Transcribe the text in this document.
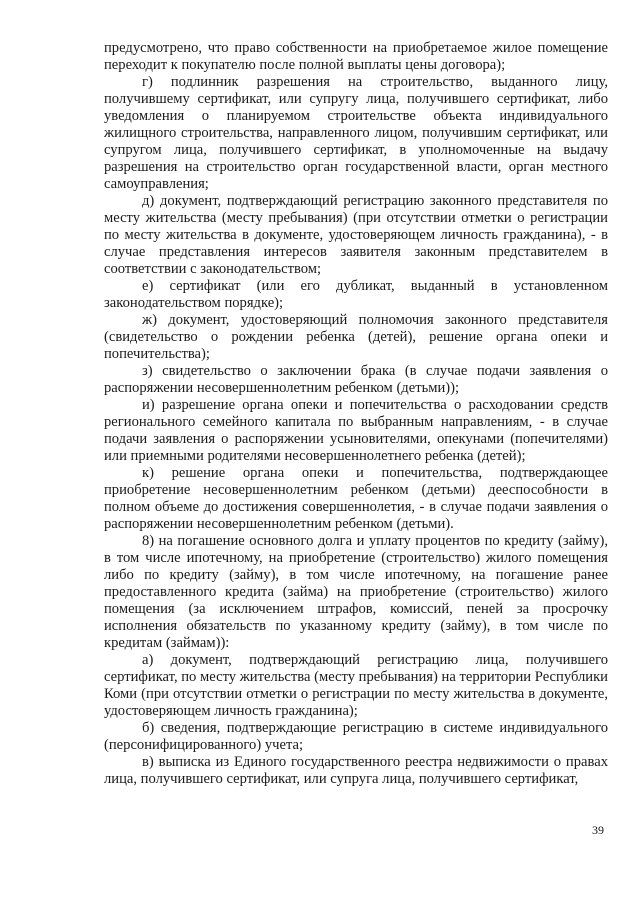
предусмотрено, что право собственности на приобретаемое жилое помещение переходит к покупателю после полной выплаты цены договора);

г) подлинник разрешения на строительство, выданного лицу, получившему сертификат, или супругу лица, получившего сертификат, либо уведомления о планируемом строительстве объекта индивидуального жилищного строительства, направленного лицом, получившим сертификат, или супругом лица, получившего сертификат, в уполномоченные на выдачу разрешения на строительство орган государственной власти, орган местного самоуправления;

д) документ, подтверждающий регистрацию законного представителя по месту жительства (месту пребывания) (при отсутствии отметки о регистрации по месту жительства в документе, удостоверяющем личность гражданина), - в случае представления интересов заявителя законным представителем в соответствии с законодательством;

е) сертификат (или его дубликат, выданный в установленном законодательством порядке);

ж) документ, удостоверяющий полномочия законного представителя (свидетельство о рождении ребенка (детей), решение органа опеки и попечительства);

з) свидетельство о заключении брака (в случае подачи заявления о распоряжении несовершеннолетним ребенком (детьми));

и) разрешение органа опеки и попечительства о расходовании средств регионального семейного капитала по выбранным направлениям, - в случае подачи заявления о распоряжении усыновителями, опекунами (попечителями) или приемными родителями несовершеннолетнего ребенка (детей);

к) решение органа опеки и попечительства, подтверждающее приобретение несовершеннолетним ребенком (детьми) дееспособности в полном объеме до достижения совершеннолетия, - в случае подачи заявления о распоряжении несовершеннолетним ребенком (детьми).

8) на погашение основного долга и уплату процентов по кредиту (займу), в том числе ипотечному, на приобретение (строительство) жилого помещения либо по кредиту (займу), в том числе ипотечному, на погашение ранее предоставленного кредита (займа) на приобретение (строительство) жилого помещения (за исключением штрафов, комиссий, пеней за просрочку исполнения обязательств по указанному кредиту (займу), в том числе по кредитам (займам)):

а) документ, подтверждающий регистрацию лица, получившего сертификат, по месту жительства (месту пребывания) на территории Республики Коми (при отсутствии отметки о регистрации по месту жительства в документе, удостоверяющем личность гражданина);

б) сведения, подтверждающие регистрацию в системе индивидуального (персонифицированного) учета;

в) выписка из Единого государственного реестра недвижимости о правах лица, получившего сертификат, или супруга лица, получившего сертификат,

39
